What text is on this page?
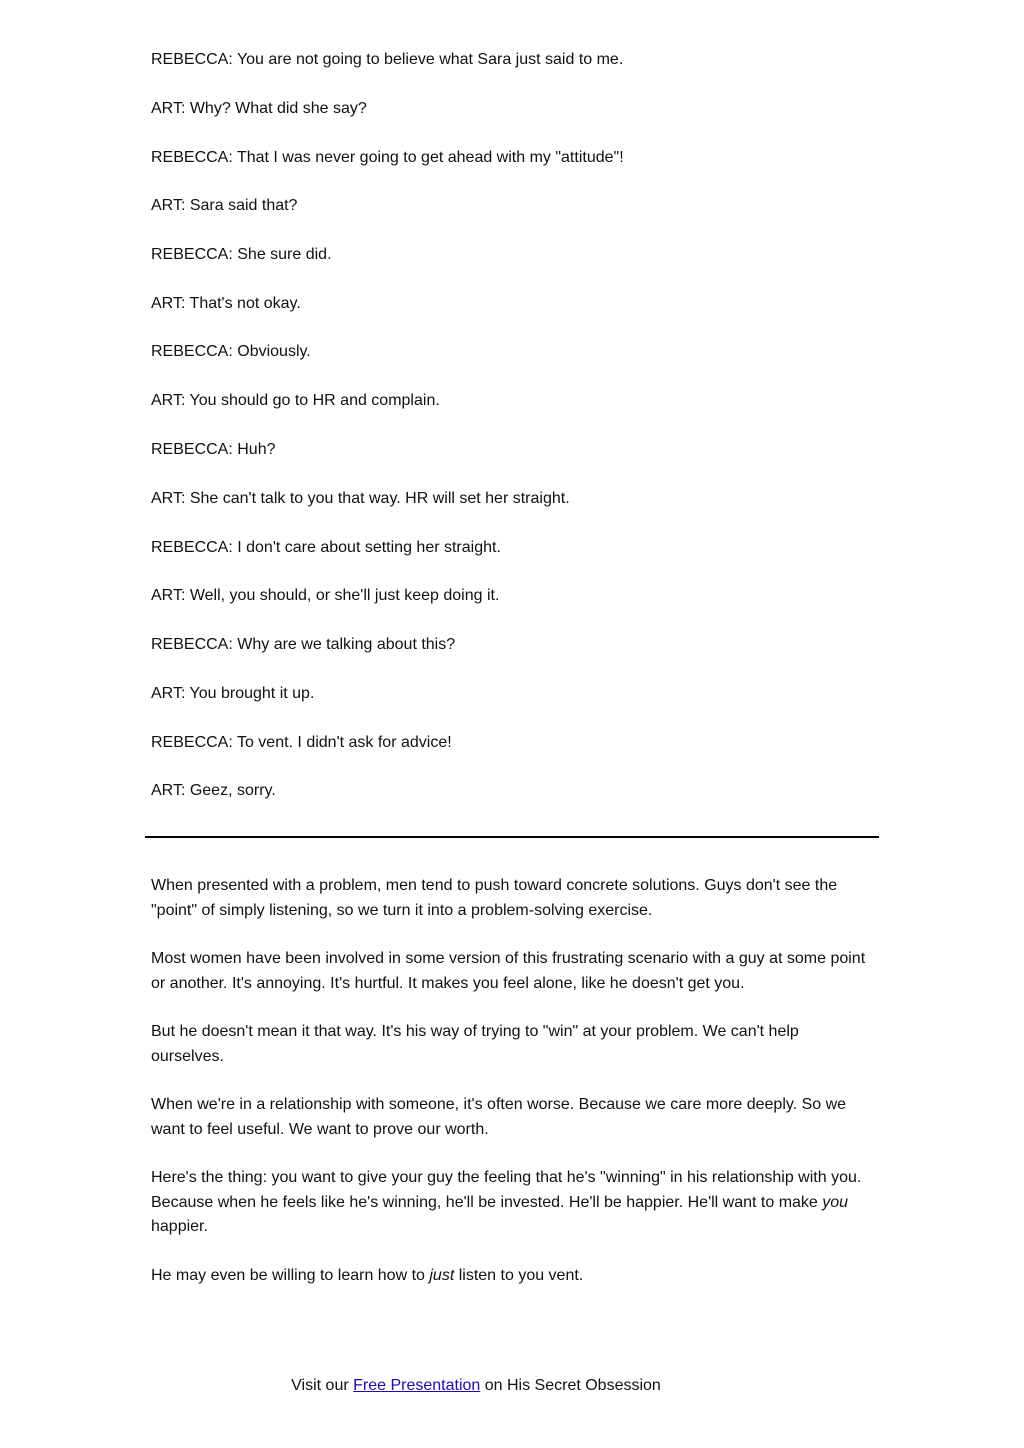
REBECCA: You are not going to believe what Sara just said to me.
ART: Why? What did she say?
REBECCA: That I was never going to get ahead with my "attitude"!
ART: Sara said that?
REBECCA: She sure did.
ART: That's not okay.
REBECCA: Obviously.
ART: You should go to HR and complain.
REBECCA: Huh?
ART: She can't talk to you that way. HR will set her straight.
REBECCA: I don't care about setting her straight.
ART: Well, you should, or she'll just keep doing it.
REBECCA: Why are we talking about this?
ART: You brought it up.
REBECCA: To vent. I didn't ask for advice!
ART: Geez, sorry.

When presented with a problem, men tend to push toward concrete solutions. Guys don't see the "point" of simply listening, so we turn it into a problem-solving exercise.

Most women have been involved in some version of this frustrating scenario with a guy at some point or another. It's annoying. It's hurtful. It makes you feel alone, like he doesn't get you.

But he doesn't mean it that way. It's his way of trying to "win" at your problem. We can't help ourselves.

When we're in a relationship with someone, it's often worse. Because we care more deeply. So we want to feel useful. We want to prove our worth.

Here's the thing: you want to give your guy the feeling that he's "winning" in his relationship with you. Because when he feels like he's winning, he'll be invested. He'll be happier. He'll want to make you happier.

He may even be willing to learn how to just listen to you vent.

Visit our Free Presentation on His Secret Obsession
